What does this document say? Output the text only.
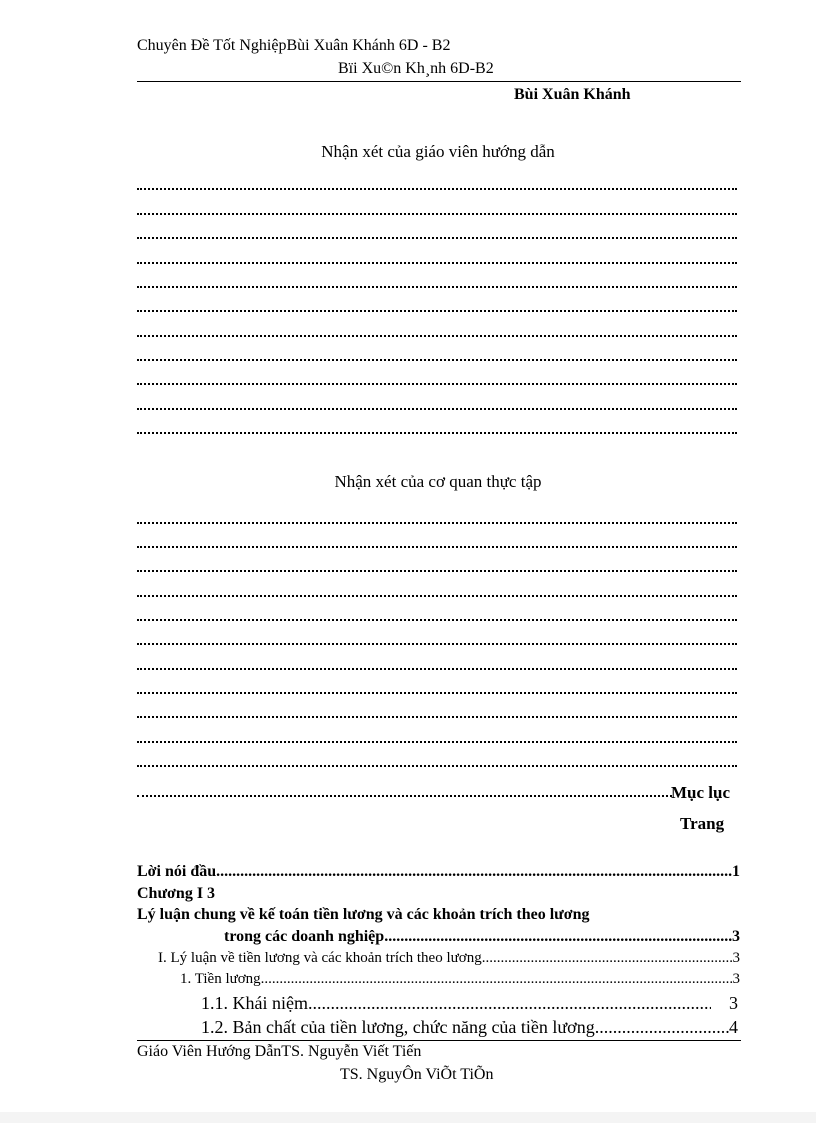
Chuyên Đề Tốt NghiệpBùi Xuân Khánh 6D - B2
Bïi Xu©n Kh¸nh 6D-B2
Bùi Xuân Khánh
Nhận xét của giáo viên hướng dẫn
Nhận xét của cơ quan thực tập
Mục lục
Trang
Lời nói đầu .....	1
Chương I 3
Lý luận chung về kế toán tiền lương và các khoản trích theo lương
trong các doanh nghiệp .....	3
I. Lý luận về tiền lương và các khoản trích theo lương .....	3
1. Tiền lương .....	3
1.1. Khái niệm .....	3
1.2. Bản chất của tiền lương, chức năng của tiền lương .....	4
Giáo Viên Hướng DẫnTS. Nguyễn Viết Tiến
TS. NguyÔn ViÕt TiÕn
